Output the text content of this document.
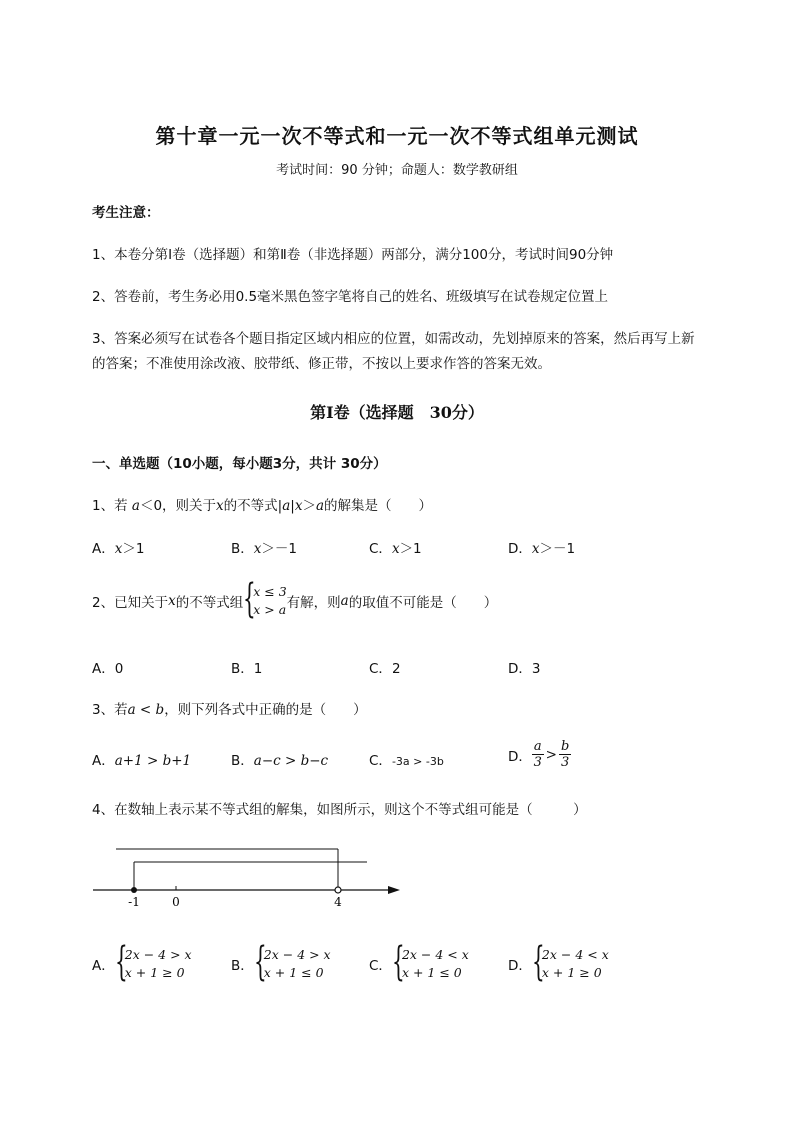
第十章一元一次不等式和一元一次不等式组单元测试
考试时间：90 分钟；命题人：数学教研组
考生注意：
1、本卷分第Ⅰ卷（选择题）和第Ⅱ卷（非选择题）两部分，满分100分，考试时间90分钟
2、答卷前，考生务必用0.5毫米黑色签字笔将自己的姓名、班级填写在试卷规定位置上
3、答案必须写在试卷各个题目指定区域内相应的位置，如需改动，先划掉原来的答案，然后再写上新
的答案；不准使用涂改液、胶带纸、修正带，不按以上要求作答的答案无效。
第Ⅰ卷（选择题　30分）
一、单选题（10小题，每小题3分，共计 30分）
1、若 a＜0，则关于x的不等式|a|x＞a的解集是（　　）
A．x＞1	B．x＞－1	C．x＞1	D．x＞－1
2、已知关于 x 的不等式组 {
x ≤ 3
x > a 有解，则 a 的取值不可能是（　　）
A．0	B．1	C．2	D．3
3、若a < b，则下列各式中正确的是（　　）
A．a+1 > b+1	B．a−c > b−c	C．-3a > -3b	D． $\frac{a}{3} > \frac{b}{3}$
4、在数轴上表示某不等式组的解集，如图所示，则这个不等式组可能是（　　　）
-1	0	4
A． {
2x − 4 > x
x + 1 ≥ 0	B． {
2x − 4 > x
x + 1 ≤ 0	C． {
2x − 4 < x
x + 1 ≤ 0	D． {
2x − 4 < x
x + 1 ≥ 0
